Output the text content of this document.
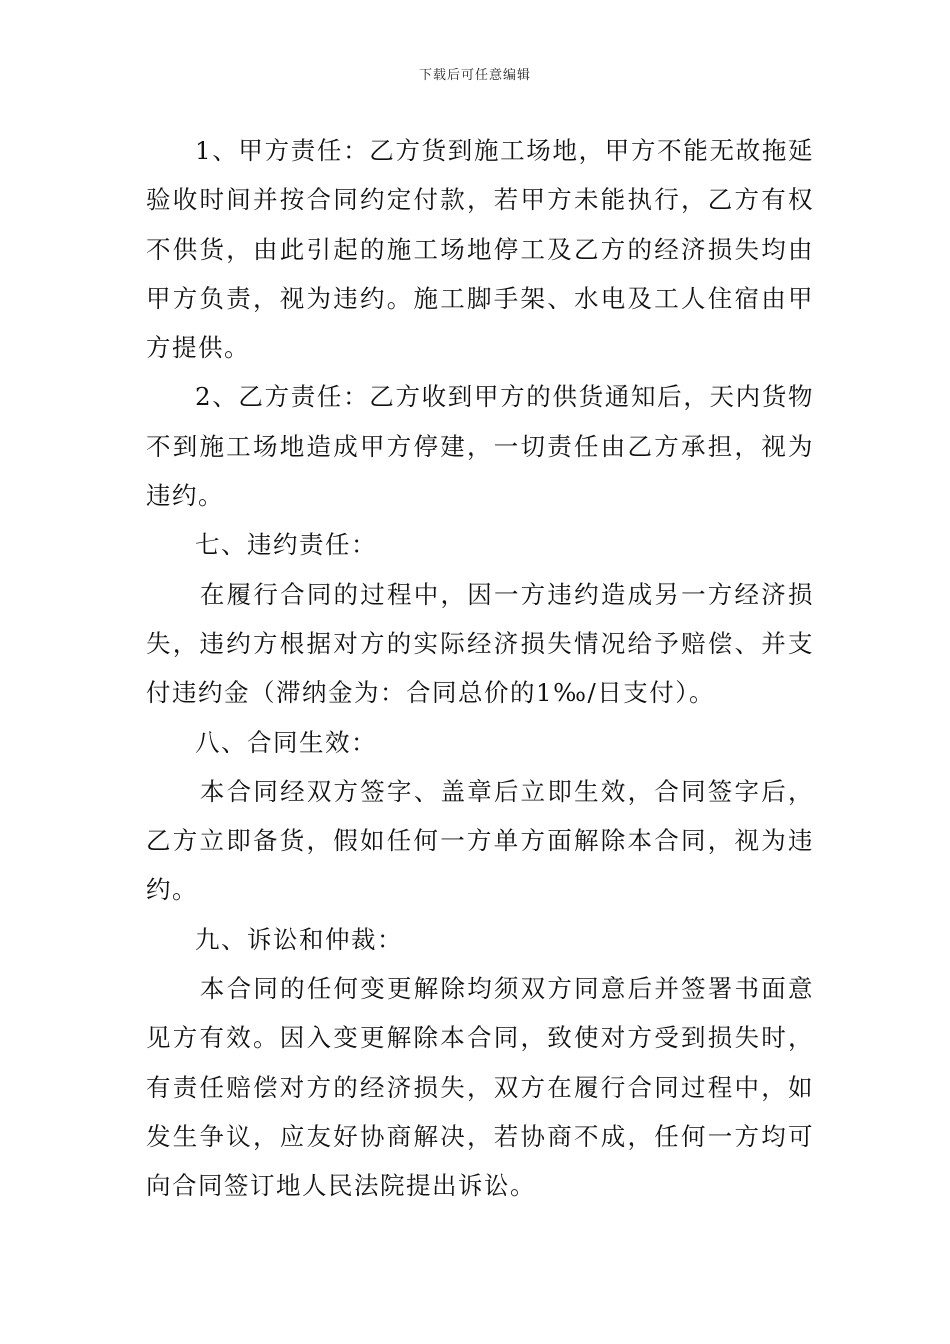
下载后可任意编辑

1、甲方责任：乙方货到施工场地，甲方不能无故拖延验收时间并按合同约定付款，若甲方未能执行，乙方有权不供货，由此引起的施工场地停工及乙方的经济损失均由甲方负责，视为违约。施工脚手架、水电及工人住宿由甲方提供。

2、乙方责任：乙方收到甲方的供货通知后，天内货物不到施工场地造成甲方停建，一切责任由乙方承担，视为违约。

七、违约责任：

在履行合同的过程中，因一方违约造成另一方经济损失，违约方根据对方的实际经济损失情况给予赔偿、并支付违约金（滞纳金为：合同总价的1‰/日支付）。

八、合同生效：

本合同经双方签字、盖章后立即生效，合同签字后，乙方立即备货，假如任何一方单方面解除本合同，视为违约。

九、诉讼和仲裁：

本合同的任何变更解除均须双方同意后并签署书面意见方有效。因入变更解除本合同，致使对方受到损失时，有责任赔偿对方的经济损失，双方在履行合同过程中，如发生争议，应友好协商解决，若协商不成，任何一方均可向合同签订地人民法院提出诉讼。
